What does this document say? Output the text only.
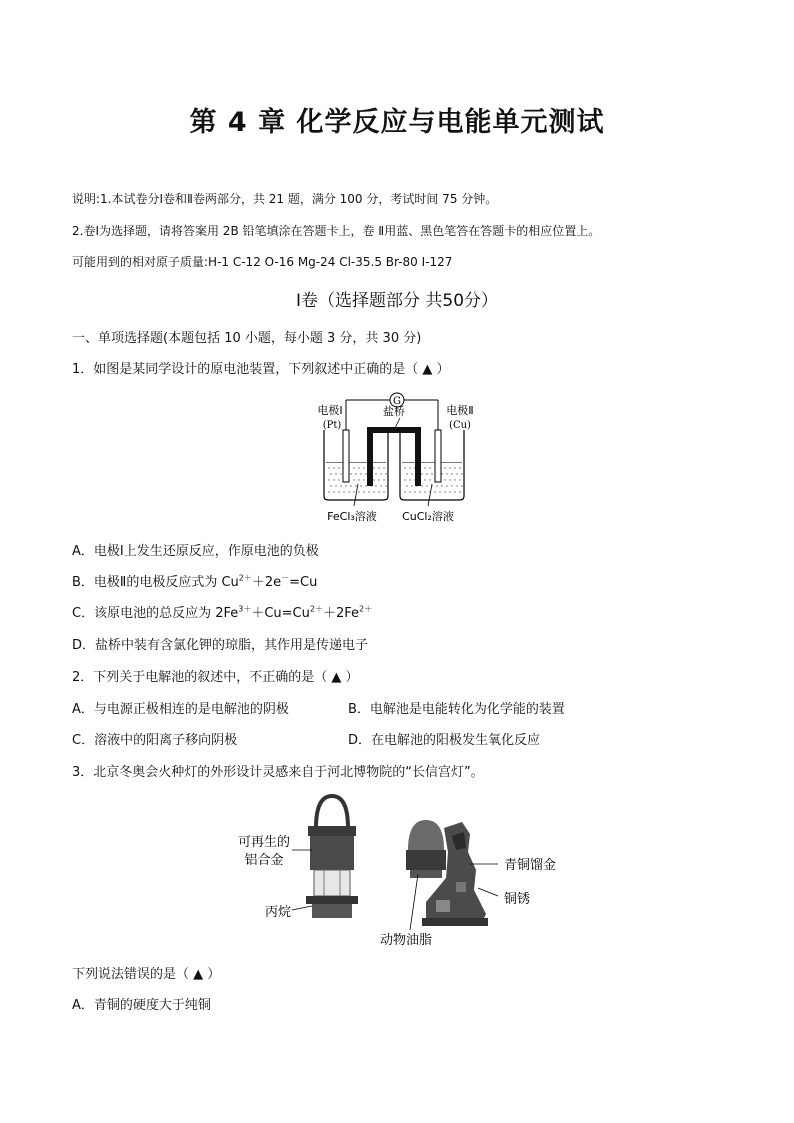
第 4 章 化学反应与电能单元测试
说明:1.本试卷分Ⅰ卷和Ⅱ卷两部分，共 21 题，满分 100 分，考试时间 75 分钟。
2.卷Ⅰ为选择题，请将答案用 2B 铅笔填涂在答题卡上，卷 Ⅱ用蓝、黑色笔答在答题卡的相应位置上。
可能用到的相对原子质量:H-1 C-12 O-16 Mg-24 Cl-35.5 Br-80 I-127
Ⅰ卷（选择题部分 共50分）
一、单项选择题(本题包括 10 小题，每小题 3 分，共 30 分)
1．如图是某同学设计的原电池装置，下列叙述中正确的是（ ▲ ）
G
盐桥
电极Ⅰ
(Pt)
电极Ⅱ
(Cu)
FeCl₃溶液 CuCl₂溶液
A．电极Ⅰ上发生还原反应，作原电池的负极
B．电极Ⅱ的电极反应式为 $Cu^{2+}+2e^-=Cu$
C．该原电池的总反应为 $2Fe^{3+}+Cu=Cu^{2+}+2Fe^{2+}$
D．盐桥中装有含氯化钾的琼脂，其作用是传递电子
2．下列关于电解池的叙述中，不正确的是（ ▲ ）
A．与电源正极相连的是电解池的阴极	B．电解池是电能转化为化学能的装置
C．溶液中的阳离子移向阴极	D．在电解池的阳极发生氧化反应
3．北京冬奥会火种灯的外形设计灵感来自于河北博物院的“长信宫灯”。
可再生的
铝合金
丙烷
青铜馏金
铜锈
动物油脂
下列说法错误的是（ ▲ ）
A．青铜的硬度大于纯铜
